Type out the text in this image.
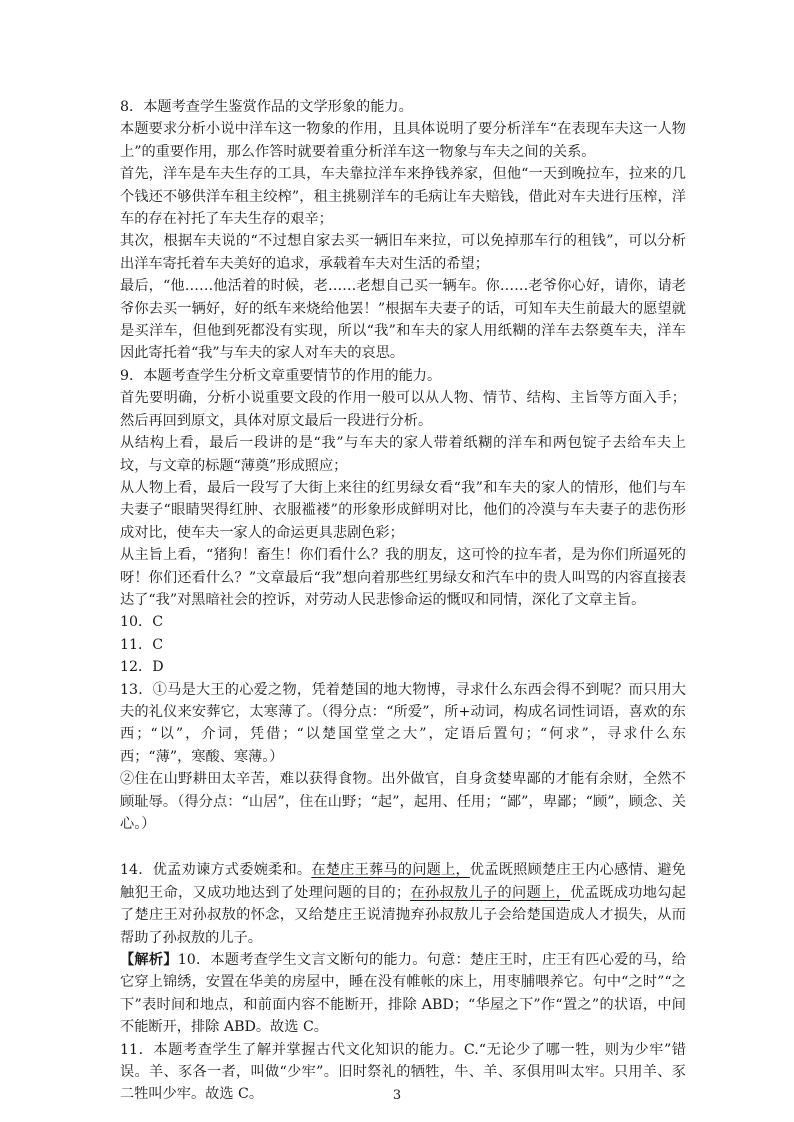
8．本题考查学生鉴赏作品的文学形象的能力。

本题要求分析小说中洋车这一物象的作用，且具体说明了要分析洋车“在表现车夫这一人物上”的重要作用，那么作答时就要着重分析洋车这一物象与车夫之间的关系。

首先，洋车是车夫生存的工具，车夫靠拉洋车来挣钱养家，但他“一天到晚拉车，拉来的几个钱还不够供洋车租主绞榨”，租主挑剔洋车的毛病让车夫赔钱，借此对车夫进行压榨，洋车的存在衬托了车夫生存的艰辛；

其次，根据车夫说的“不过想自家去买一辆旧车来拉，可以免掉那车行的租钱”，可以分析出洋车寄托着车夫美好的追求，承载着车夫对生活的希望；

最后，“他……他活着的时候，老……老想自己买一辆车。你……老爷你心好，请你，请老爷你去买一辆好，好的纸车来烧给他罢！”根据车夫妻子的话，可知车夫生前最大的愿望就是买洋车，但他到死都没有实现，所以“我”和车夫的家人用纸糊的洋车去祭奠车夫，洋车因此寄托着“我”与车夫的家人对车夫的哀思。

9．本题考查学生分析文章重要情节的作用的能力。

首先要明确，分析小说重要文段的作用一般可以从人物、情节、结构、主旨等方面入手；然后再回到原文，具体对原文最后一段进行分析。

从结构上看，最后一段讲的是“我”与车夫的家人带着纸糊的洋车和两包锭子去给车夫上坟，与文章的标题“薄奠”形成照应；

从人物上看，最后一段写了大街上来往的红男绿女看“我”和车夫的家人的情形，他们与车夫妻子“眼睛哭得红肿、衣服褴褛”的形象形成鲜明对比，他们的冷漠与车夫妻子的悲伤形成对比，使车夫一家人的命运更具悲剧色彩；

从主旨上看，“猪狗！畜生！你们看什么？我的朋友，这可怜的拉车者，是为你们所逼死的呀！你们还看什么？”文章最后“我”想向着那些红男绿女和汽车中的贵人叫骂的内容直接表达了“我”对黑暗社会的控诉，对劳动人民悲惨命运的慨叹和同情，深化了文章主旨。

10．C

11．C

12．D

13．①马是大王的心爱之物，凭着楚国的地大物博，寻求什么东西会得不到呢？而只用大夫的礼仪来安葬它，太寒薄了。（得分点：“所爱”，所+动词，构成名词性词语，喜欢的东西；“以”，介词，凭借；“以楚国堂堂之大”，定语后置句；“何求”，寻求什么东西；“薄”，寒酸、寒薄。）

②住在山野耕田太辛苦，难以获得食物。出外做官，自身贪婪卑鄙的才能有余财，全然不顾耻辱。（得分点：“山居”，住在山野；“起”，起用、任用；“鄙”，卑鄙；“顾”，顾念、关心。）

14．优孟劝谏方式委婉柔和。在楚庄王葬马的问题上，优孟既照顾楚庄王内心感情、避免触犯王命，又成功地达到了处理问题的目的；在孙叔敖儿子的问题上，优孟既成功地勾起了楚庄王对孙叔敖的怀念，又给楚庄王说清抛弃孙叔敖儿子会给楚国造成人才损失，从而帮助了孙叔敖的儿子。

【解析】10．本题考查学生文言文断句的能力。句意：楚庄王时，庄王有匹心爱的马，给它穿上锦绣，安置在华美的房屋中，睡在没有帷帐的床上，用枣脯喂养它。句中“之时”“之下”表时间和地点，和前面内容不能断开，排除 ABD；“华屋之下”作“置之”的状语，中间不能断开，排除 ABD。故选 C。

11．本题考查学生了解并掌握古代文化知识的能力。C.“无论少了哪一牲，则为少牢”错误。羊、豕各一者，叫做“少牢”。旧时祭礼的牺牲，牛、羊、豕俱用叫太牢。只用羊、豕二牲叫少牢。故选 C。	3
